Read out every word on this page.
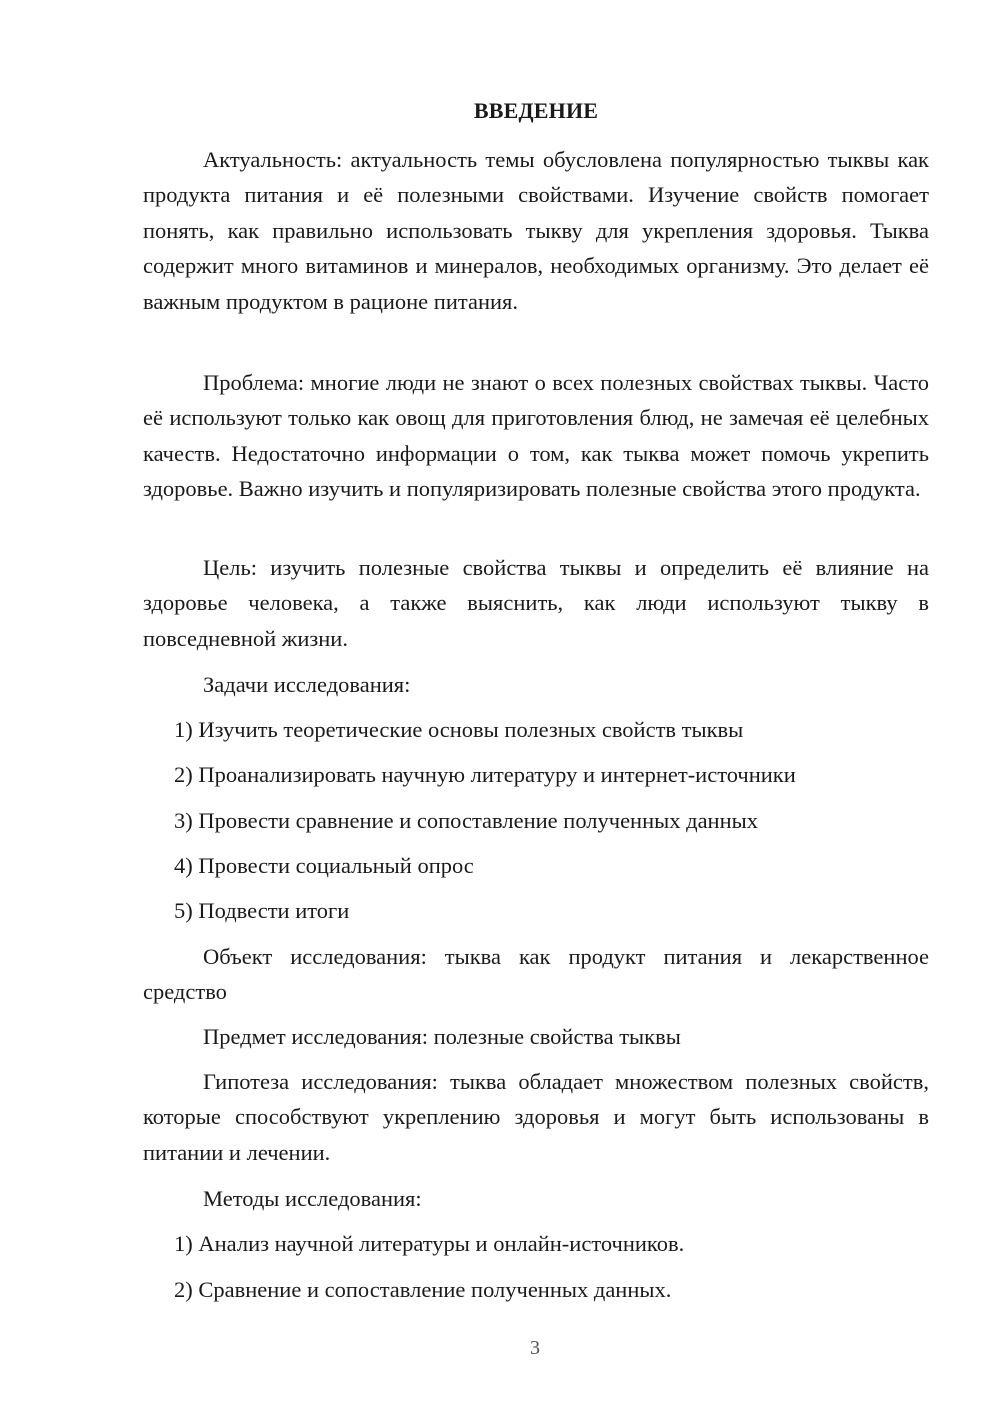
ВВЕДЕНИЕ

Актуальность: актуальность темы обусловлена популярностью тыквы как продукта питания и её полезными свойствами. Изучение свойств помогает понять, как правильно использовать тыкву для укрепления здоровья. Тыква содержит много витаминов и минералов, необходимых организму. Это делает её важным продуктом в рационе питания.

Проблема: многие люди не знают о всех полезных свойствах тыквы. Часто её используют только как овощ для приготовления блюд, не замечая её целебных качеств. Недостаточно информации о том, как тыква может помочь укрепить здоровье. Важно изучить и популяризировать полезные свойства этого продукта.

Цель: изучить полезные свойства тыквы и определить её влияние на здоровье человека, а также выяснить, как люди используют тыкву в повседневной жизни.

Задачи исследования:

1) Изучить теоретические основы полезных свойств тыквы

2) Проанализировать научную литературу и интернет-источники

3) Провести сравнение и сопоставление полученных данных

4) Провести социальный опрос

5) Подвести итоги

Объект исследования: тыква как продукт питания и лекарственное средство

Предмет исследования: полезные свойства тыквы

Гипотеза исследования: тыква обладает множеством полезных свойств, которые способствуют укреплению здоровья и могут быть использованы в питании и лечении.

Методы исследования:

1) Анализ научной литературы и онлайн-источников.

2) Сравнение и сопоставление полученных данных.

3
